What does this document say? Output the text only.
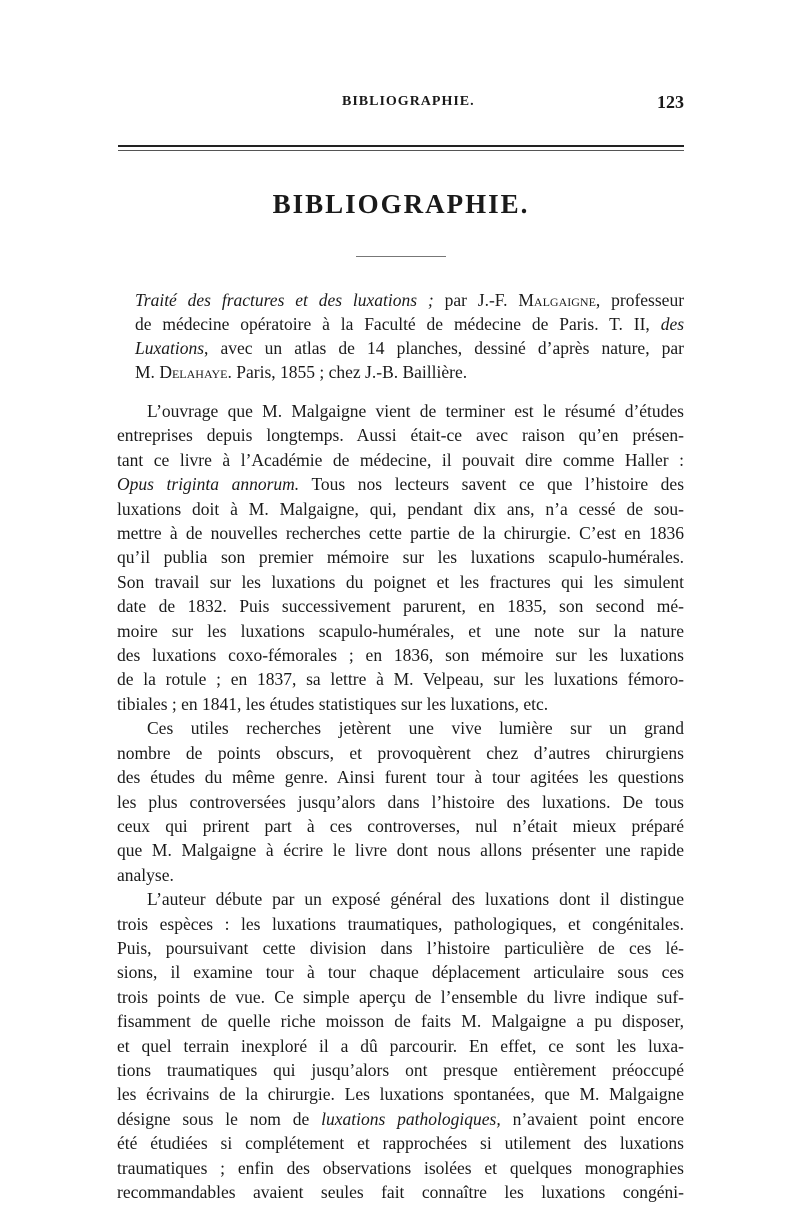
BIBLIOGRAPHIE.	123
BIBLIOGRAPHIE.
Traité des fractures et des luxations ; par J.-F. Malgaigne, professeur
de médecine opératoire à la Faculté de médecine de Paris. T. II, des
Luxations, avec un atlas de 14 planches, dessiné d’après nature, par
M. Delahaye. Paris, 1855 ; chez J.-B. Baillière.

L’ouvrage que M. Malgaigne vient de terminer est le résumé d’études
entreprises depuis longtemps. Aussi était-ce avec raison qu’en présen-
tant ce livre à l’Académie de médecine, il pouvait dire comme Haller :
Opus triginta annorum. Tous nos lecteurs savent ce que l’histoire des
luxations doit à M. Malgaigne, qui, pendant dix ans, n’a cessé de sou-
mettre à de nouvelles recherches cette partie de la chirurgie. C’est en 1836
qu’il publia son premier mémoire sur les luxations scapulo-humérales.
Son travail sur les luxations du poignet et les fractures qui les simulent
date de 1832. Puis successivement parurent, en 1835, son second mé-
moire sur les luxations scapulo-humérales, et une note sur la nature
des luxations coxo-fémorales ; en 1836, son mémoire sur les luxations
de la rotule ; en 1837, sa lettre à M. Velpeau, sur les luxations fémoro-
tibiales ; en 1841, les études statistiques sur les luxations, etc.

Ces utiles recherches jetèrent une vive lumière sur un grand
nombre de points obscurs, et provoquèrent chez d’autres chirurgiens
des études du même genre. Ainsi furent tour à tour agitées les questions
les plus controversées jusqu’alors dans l’histoire des luxations. De tous
ceux qui prirent part à ces controverses, nul n’était mieux préparé
que M. Malgaigne à écrire le livre dont nous allons présenter une rapide
analyse.

L’auteur débute par un exposé général des luxations dont il distingue
trois espèces : les luxations traumatiques, pathologiques, et congénitales.
Puis, poursuivant cette division dans l’histoire particulière de ces lé-
sions, il examine tour à tour chaque déplacement articulaire sous ces
trois points de vue. Ce simple aperçu de l’ensemble du livre indique suf-
fisamment de quelle riche moisson de faits M. Malgaigne a pu disposer,
et quel terrain inexploré il a dû parcourir. En effet, ce sont les luxa-
tions traumatiques qui jusqu’alors ont presque entièrement préoccupé
les écrivains de la chirurgie. Les luxations spontanées, que M. Malgaigne
désigne sous le nom de luxations pathologiques, n’avaient point encore
été étudiées si complétement et rapprochées si utilement des luxations
traumatiques ; enfin des observations isolées et quelques monographies
recommandables avaient seules fait connaître les luxations congéni-
